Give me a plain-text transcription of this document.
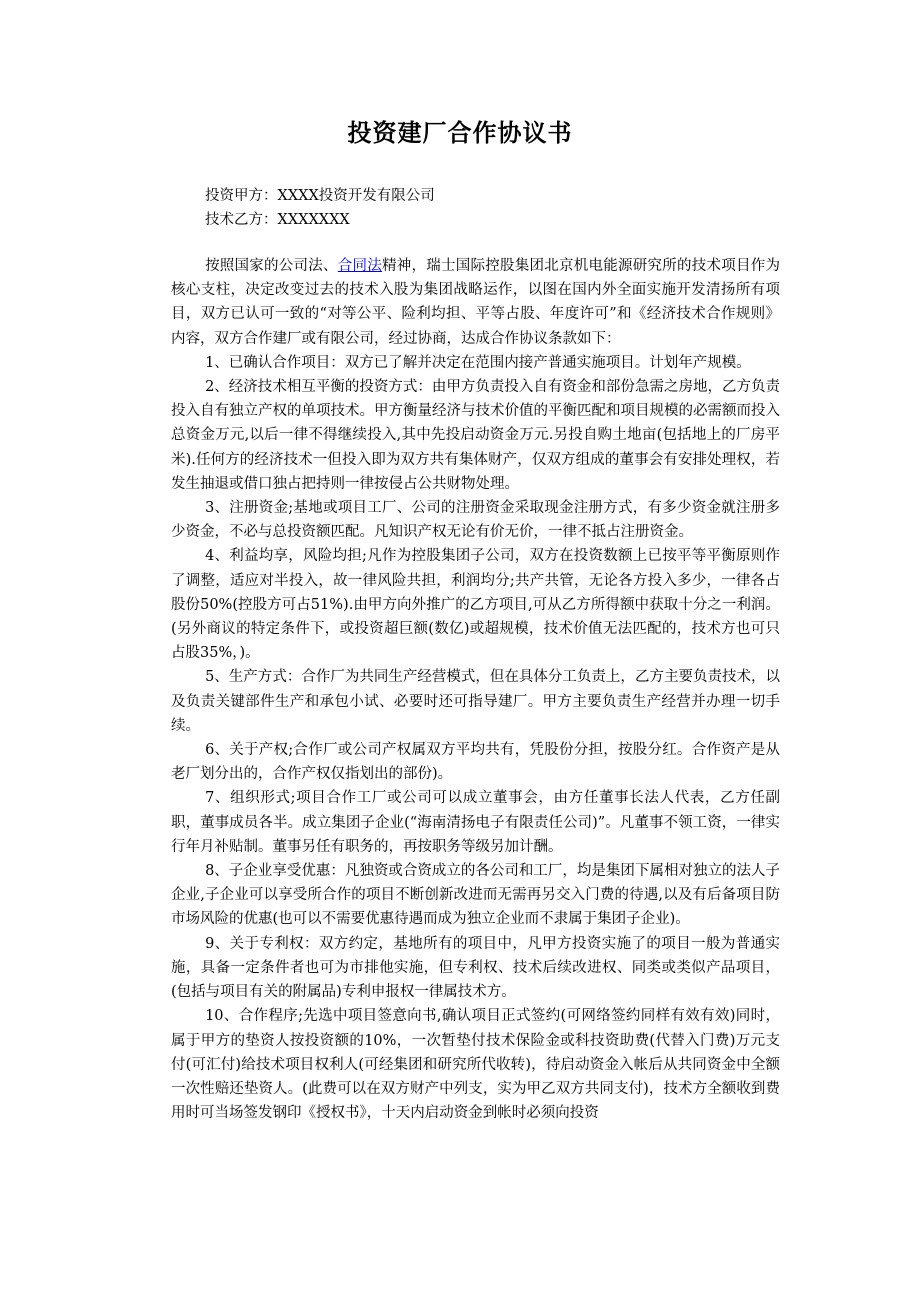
投资建厂合作协议书
投资甲方：XXXX投资开发有限公司
技术乙方：XXXXXXX

按照国家的公司法、合同法精神，瑞士国际控股集团北京机电能源研究所的技术项目作为核心支柱，决定改变过去的技术入股为集团战略运作，以图在国内外全面实施开发清扬所有项目，双方已认可一致的“对等公平、险利均担、平等占股、年度许可”和《经济技术合作规则》内容，双方合作建厂或有限公司，经过协商，达成合作协议条款如下：

1、已确认合作项目：双方已了解并决定在范围内接产普通实施项目。计划年产规模。

2、经济技术相互平衡的投资方式：由甲方负责投入自有资金和部份急需之房地，乙方负责投入自有独立产权的单项技术。甲方衡量经济与技术价值的平衡匹配和项目规模的必需额而投入总资金万元,以后一律不得继续投入,其中先投启动资金万元.另投自购土地亩(包括地上的厂房平米).任何方的经济技术一但投入即为双方共有集体财产，仅双方组成的董事会有安排处理权，若发生抽退或借口独占把持则一律按侵占公共财物处理。

3、注册资金;基地或项目工厂、公司的注册资金采取现金注册方式，有多少资金就注册多少资金，不必与总投资额匹配。凡知识产权无论有价无价，一律不抵占注册资金。

4、利益均享，风险均担;凡作为控股集团子公司，双方在投资数额上已按平等平衡原则作了调整，适应对半投入，故一律风险共担，利润均分;共产共管，无论各方投入多少，一律各占股份50%(控股方可占51%).由甲方向外推广的乙方项目,可从乙方所得额中获取十分之一利润。(另外商议的特定条件下，或投资超巨额(数亿)或超规模，技术价值无法匹配的，技术方也可只占股35%，)。

5、生产方式：合作厂为共同生产经营模式，但在具体分工负责上，乙方主要负责技术，以及负责关键部件生产和承包小试、必要时还可指导建厂。甲方主要负责生产经营并办理一切手续。

6、关于产权;合作厂或公司产权属双方平均共有，凭股份分担，按股分红。合作资产是从老厂划分出的，合作产权仅指划出的部份)。

7、组织形式;项目合作工厂或公司可以成立董事会，由方任董事长法人代表，乙方任副职，董事成员各半。成立集团子企业(“海南清扬电子有限责任公司)”。凡董事不领工资，一律实行年月补贴制。董事另任有职务的，再按职务等级另加计酬。

8、子企业享受优惠：凡独资或合资成立的各公司和工厂，均是集团下属相对独立的法人子企业,子企业可以享受所合作的项目不断创新改进而无需再另交入门费的待遇,以及有后备项目防市场风险的优惠(也可以不需要优惠待遇而成为独立企业而不隶属于集团子企业)。

9、关于专利权：双方约定，基地所有的项目中，凡甲方投资实施了的项目一般为普通实施，具备一定条件者也可为市排他实施，但专利权、技术后续改进权、同类或类似产品项目，(包括与项目有关的附属品)专利申报权一律属技术方。

10、合作程序;先选中项目签意向书,确认项目正式签约(可网络签约同样有效有效)同时，属于甲方的垫资人按投资额的10%，一次暂垫付技术保险金或科技资助费(代替入门费)万元支付(可汇付)给技术项目权利人(可经集团和研究所代收转)，待启动资金入帐后从共同资金中全额一次性赔还垫资人。(此费可以在双方财产中列支，实为甲乙双方共同支付)，技术方全额收到费用时可当场签发钢印《授权书》，十天内启动资金到帐时必须向投资
